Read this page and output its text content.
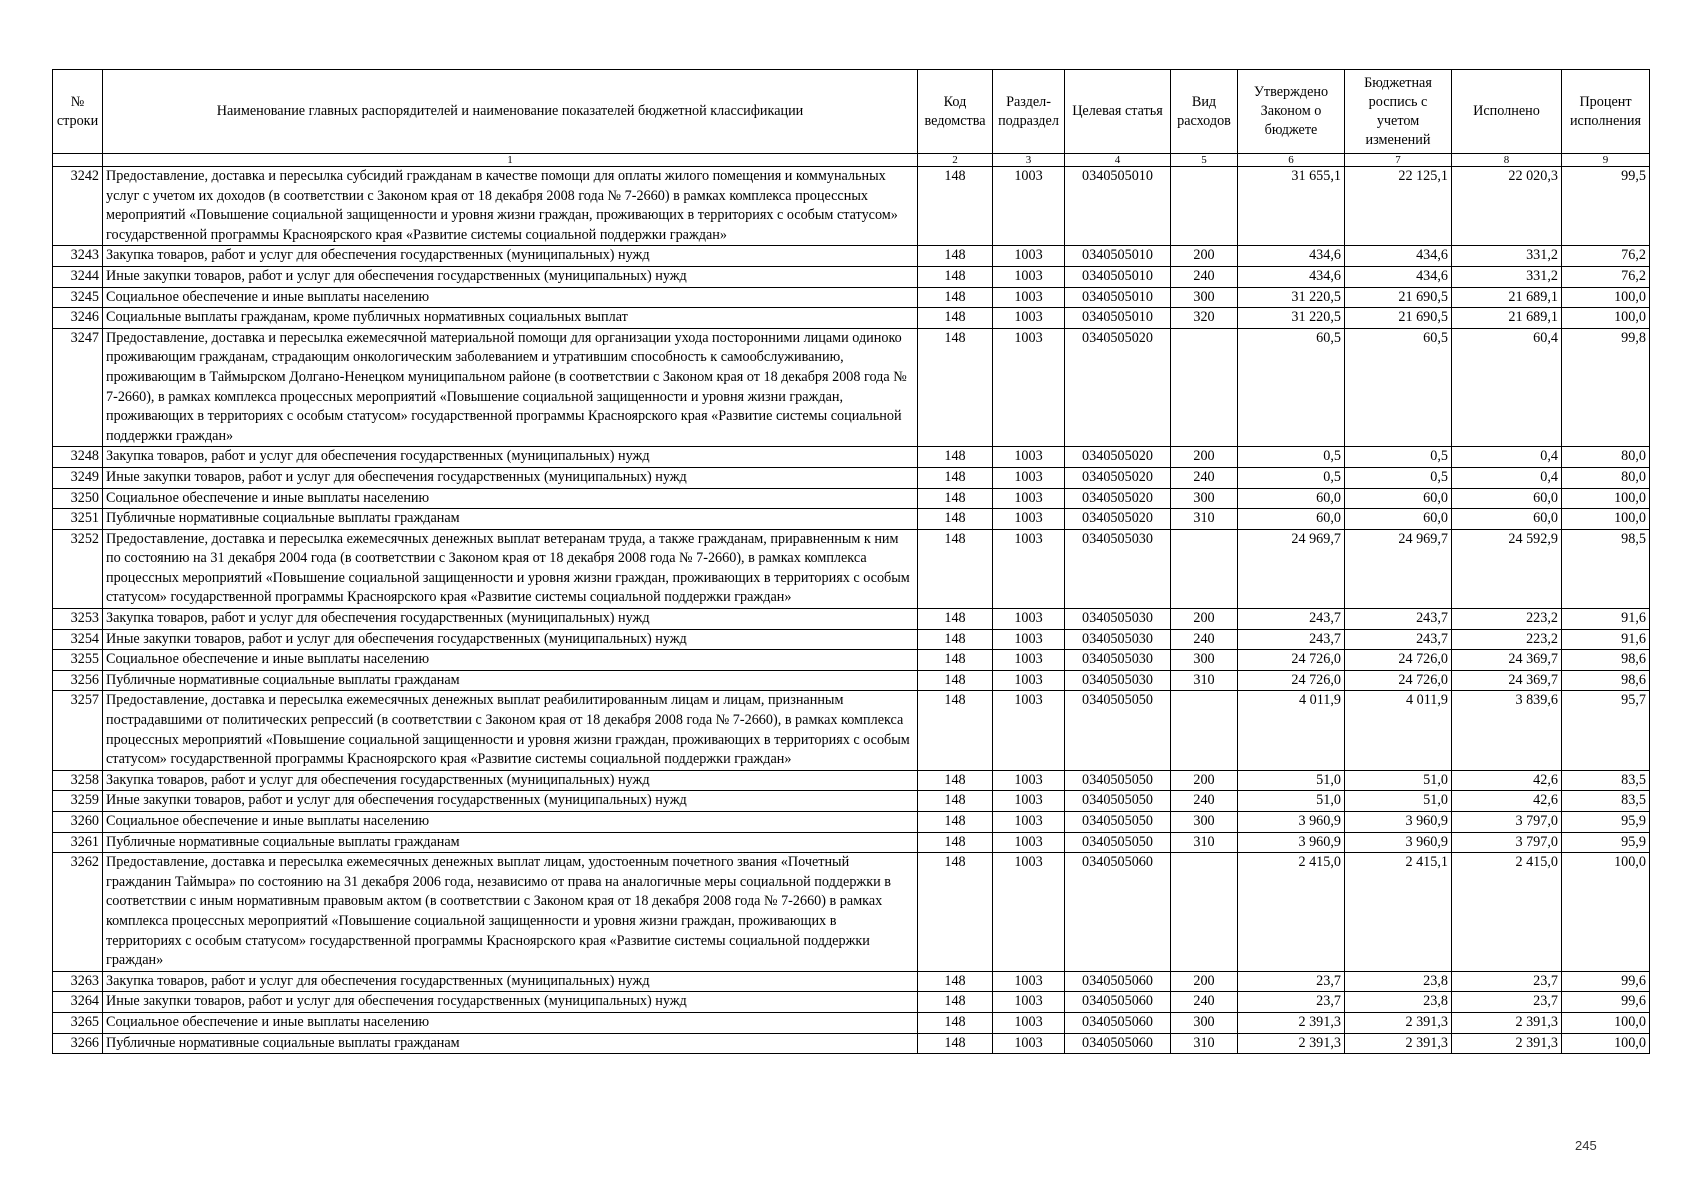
№ строки	Наименование главных распорядителей и наименование показателей бюджетной классификации	Код ведомства	Раздел-подраздел	Целевая статья	Вид расходов	Утверждено Законом о бюджете	Бюджетная роспись с учетом изменений	Исполнено	Процент исполнения
	1	2	3	4	5	6	7	8	9
3242	Предоставление, доставка и пересылка субсидий гражданам в качестве помощи для оплаты жилого помещения и коммунальных услуг с учетом их доходов (в соответствии с Законом края от 18 декабря 2008 года № 7-2660) в рамках комплекса процессных мероприятий «Повышение социальной защищенности и уровня жизни граждан, проживающих в территориях с особым статусом» государственной программы Красноярского края «Развитие системы социальной поддержки граждан»	148	1003	0340505010		31 655,1	22 125,1	22 020,3	99,5
3243	Закупка товаров, работ и услуг для обеспечения государственных (муниципальных) нужд	148	1003	0340505010	200	434,6	434,6	331,2	76,2
3244	Иные закупки товаров, работ и услуг для обеспечения государственных (муниципальных) нужд	148	1003	0340505010	240	434,6	434,6	331,2	76,2
3245	Социальное обеспечение и иные выплаты населению	148	1003	0340505010	300	31 220,5	21 690,5	21 689,1	100,0
3246	Социальные выплаты гражданам, кроме публичных нормативных социальных выплат	148	1003	0340505010	320	31 220,5	21 690,5	21 689,1	100,0
3247	Предоставление, доставка и пересылка ежемесячной материальной помощи для организации ухода посторонними лицами одиноко проживающим гражданам, страдающим онкологическим заболеванием и утратившим способность к самообслуживанию, проживающим в Таймырском Долгано-Ненецком муниципальном районе (в соответствии с Законом края от 18 декабря 2008 года № 7-2660), в рамках комплекса процессных мероприятий «Повышение социальной защищенности и уровня жизни граждан, проживающих в территориях с особым статусом» государственной программы Красноярского края «Развитие системы социальной поддержки граждан»	148	1003	0340505020		60,5	60,5	60,4	99,8
3248	Закупка товаров, работ и услуг для обеспечения государственных (муниципальных) нужд	148	1003	0340505020	200	0,5	0,5	0,4	80,0
3249	Иные закупки товаров, работ и услуг для обеспечения государственных (муниципальных) нужд	148	1003	0340505020	240	0,5	0,5	0,4	80,0
3250	Социальное обеспечение и иные выплаты населению	148	1003	0340505020	300	60,0	60,0	60,0	100,0
3251	Публичные нормативные социальные выплаты гражданам	148	1003	0340505020	310	60,0	60,0	60,0	100,0
3252	Предоставление, доставка и пересылка ежемесячных денежных выплат ветеранам труда, а также гражданам, приравненным к ним по состоянию на 31 декабря 2004 года (в соответствии с Законом края от 18 декабря 2008 года № 7-2660), в рамках комплекса процессных мероприятий «Повышение социальной защищенности и уровня жизни граждан, проживающих в территориях с особым статусом» государственной программы Красноярского края «Развитие системы социальной поддержки граждан»	148	1003	0340505030		24 969,7	24 969,7	24 592,9	98,5
3253	Закупка товаров, работ и услуг для обеспечения государственных (муниципальных) нужд	148	1003	0340505030	200	243,7	243,7	223,2	91,6
3254	Иные закупки товаров, работ и услуг для обеспечения государственных (муниципальных) нужд	148	1003	0340505030	240	243,7	243,7	223,2	91,6
3255	Социальное обеспечение и иные выплаты населению	148	1003	0340505030	300	24 726,0	24 726,0	24 369,7	98,6
3256	Публичные нормативные социальные выплаты гражданам	148	1003	0340505030	310	24 726,0	24 726,0	24 369,7	98,6
3257	Предоставление, доставка и пересылка ежемесячных денежных выплат реабилитированным лицам и лицам, признанным пострадавшими от политических репрессий (в соответствии с Законом края от 18 декабря 2008 года № 7-2660), в рамках комплекса процессных мероприятий «Повышение социальной защищенности и уровня жизни граждан, проживающих в территориях с особым статусом» государственной программы Красноярского края «Развитие системы социальной поддержки граждан»	148	1003	0340505050		4 011,9	4 011,9	3 839,6	95,7
3258	Закупка товаров, работ и услуг для обеспечения государственных (муниципальных) нужд	148	1003	0340505050	200	51,0	51,0	42,6	83,5
3259	Иные закупки товаров, работ и услуг для обеспечения государственных (муниципальных) нужд	148	1003	0340505050	240	51,0	51,0	42,6	83,5
3260	Социальное обеспечение и иные выплаты населению	148	1003	0340505050	300	3 960,9	3 960,9	3 797,0	95,9
3261	Публичные нормативные социальные выплаты гражданам	148	1003	0340505050	310	3 960,9	3 960,9	3 797,0	95,9
3262	Предоставление, доставка и пересылка ежемесячных денежных выплат лицам, удостоенным почетного звания «Почетный гражданин Таймыра» по состоянию на 31 декабря 2006 года, независимо от права на аналогичные меры социальной поддержки в соответствии с иным нормативным правовым актом (в соответствии с Законом края от 18 декабря 2008 года № 7-2660) в рамках комплекса процессных мероприятий «Повышение социальной защищенности и уровня жизни граждан, проживающих в территориях с особым статусом» государственной программы Красноярского края «Развитие системы социальной поддержки граждан»	148	1003	0340505060		2 415,0	2 415,1	2 415,0	100,0
3263	Закупка товаров, работ и услуг для обеспечения государственных (муниципальных) нужд	148	1003	0340505060	200	23,7	23,8	23,7	99,6
3264	Иные закупки товаров, работ и услуг для обеспечения государственных (муниципальных) нужд	148	1003	0340505060	240	23,7	23,8	23,7	99,6
3265	Социальное обеспечение и иные выплаты населению	148	1003	0340505060	300	2 391,3	2 391,3	2 391,3	100,0
3266	Публичные нормативные социальные выплаты гражданам	148	1003	0340505060	310	2 391,3	2 391,3	2 391,3	100,0
245
